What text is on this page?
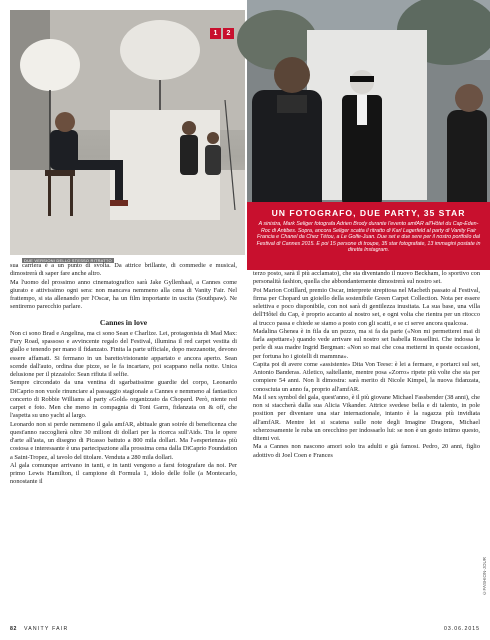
DUE VERSIONI DELLO STESSO RITRATTO
1	2
UN FOTOGRAFO, DUE PARTY, 35 STAR
A sinistra, Mark Seliger fotografa Adrien Brody durante l'evento amfAR all'Hôtel du Cap-Eden-Roc di Antibes. Sopra, ancora Seliger scatta il ritratto di Karl Lagerfeld al party di Vanity Fair Francia e Chanel da Chez Tétou, a Le Golfe-Juan. Due set e due sere per il nostro portfolio dal Festival di Cannes 2015. E poi 15 persone di troupe, 35 star fotografate, 13 immagini postate in diretta Instagram.

sua carriera è a un punto di svolta. Da attrice brillante, di commedie e musical, dimostrerà di saper fare anche altro.

Ma l'uomo del prossimo anno cinematografico sarà Jake Gyllenhaal, a Cannes come giurato e attivissimo ogni sera: non mancava nemmeno alla cena di Vanity Fair. Nel frattempo, si sta allenando per l'Oscar, ha un film importante in uscita (Southpaw). Ne sentiremo parecchio parlare.

Cannes in love

Non ci sono Brad e Angelina, ma ci sono Sean e Charlize. Lei, protagonista di Mad Max: Fury Road, spassoso e avvincente regalo del Festival, illumina il red carpet vestita di giallo e tenendo per mano il fidanzato. Finita la parte ufficiale, dopo mezzanotte, devono essere affamati. Si fermano in un baretto/ristorante appartato e ancora aperto. Sean scende dall'auto, ordina due pizze, se le fa incartare, poi scappano nella notte. Unica delusione per il pizzaiolo: Sean rifiuta il selfie.

Sempre circondato da una ventina di sgarbatissime guardie del corpo, Leonardo DiCaprio non vuole rinunciare al passaggio stagionale a Cannes e nemmeno al fantastico concerto di Robbie Williams al party «Gold» organizzato da Chopard. Però, niente red carpet e foto. Men che meno in compagnia di Toni Garrn, fidanzata on & off, che l'aspetta su uno yacht al largo.

Leonardo non si perde nemmeno il gala amfAR, abituale gran soirée di beneficenza che quest'anno raccoglierà oltre 30 milioni di dollari per la ricerca sull'Aids. Tra le opere d'arte all'asta, un disegno di Picasso battuto a 800 mila dollari. Ma l'«esperienza» più costosa e interessante è una partecipazione alla prossima cena dalla DiCaprio Foundation a Saint-Tropez, al tavolo del titolare. Venduta a 280 mila dollari.

Al gala comunque arrivano in tanti, e in tanti vengono a farsi fotografare da noi. Per primo Lewis Hamilton, il campione di Formula 1, idolo delle folle (a Montecarlo, nonostante il

terzo posto, sarà il più acclamato), che sta diventando il nuovo Beckham, lo sportivo con personalità fashion, quella che abbondantemente dimostrerà sul nostro set.

Poi Marion Cotillard, premio Oscar, interprete strepitosa nel Macbeth passato al Festival, firma per Chopard un gioiello della sostenibile Green Carpet Collection. Nota per essere selettiva e poco disponibile, con noi sarà di gentilezza inusitata. La sua base, una villa dell'Hôtel du Cap, è proprio accanto al nostro set, e ogni volta che rientra per un ritocco al trucco passa e chiede se siamo a posto con gli scatti, e se ci serve ancora qualcosa.

Madalina Ghenea è in fila da un pezzo, ma si fa da parte («Non mi permetterei mai di farla aspettare») quando vede arrivare sul nostro set Isabella Rossellini. Che indossa le perle di sua madre Ingrid Bergman: «Non so mai che cosa metterni in queste occasioni, per fortuna ho i gioielli di mammna».

Capita poi di avere come «assistente» Dita Von Teese: è lei a fermare, e portarci sul set, Antonio Banderas. Atletico, saltellante, mentre posa «Zorro» ripete più volte che sta per compiere 54 anni. Non li dimostra: sarà merito di Nicole Kimpel, la nuova fidanzata, conosciuta un anno fa, proprio all'amfAR.

Ma il sex symbol del gala, quest'anno, è il più giovane Michael Fassbender (38 anni), che non si staccherà dalla sua Alicia Vikander. Attrice svedese bella e di talento, in pole position per diventare una star internazionale, intanto è la ragazza più invidiata all'amfAR. Mentre lei si scatena sulle note degli Imagine Dragons, Michael scherzosamente le ruba un orecchino per indossarlo lui: se non è un gesto intimo questo, ditemi voi.

Ma a Cannes non nascono amori solo tra adulti e già famosi. Pedro, 20 anni, figlio adottivo di Joel Coen e Frances

©FASHION-JOUR
82 VANITY FAIR	03.06.2015
